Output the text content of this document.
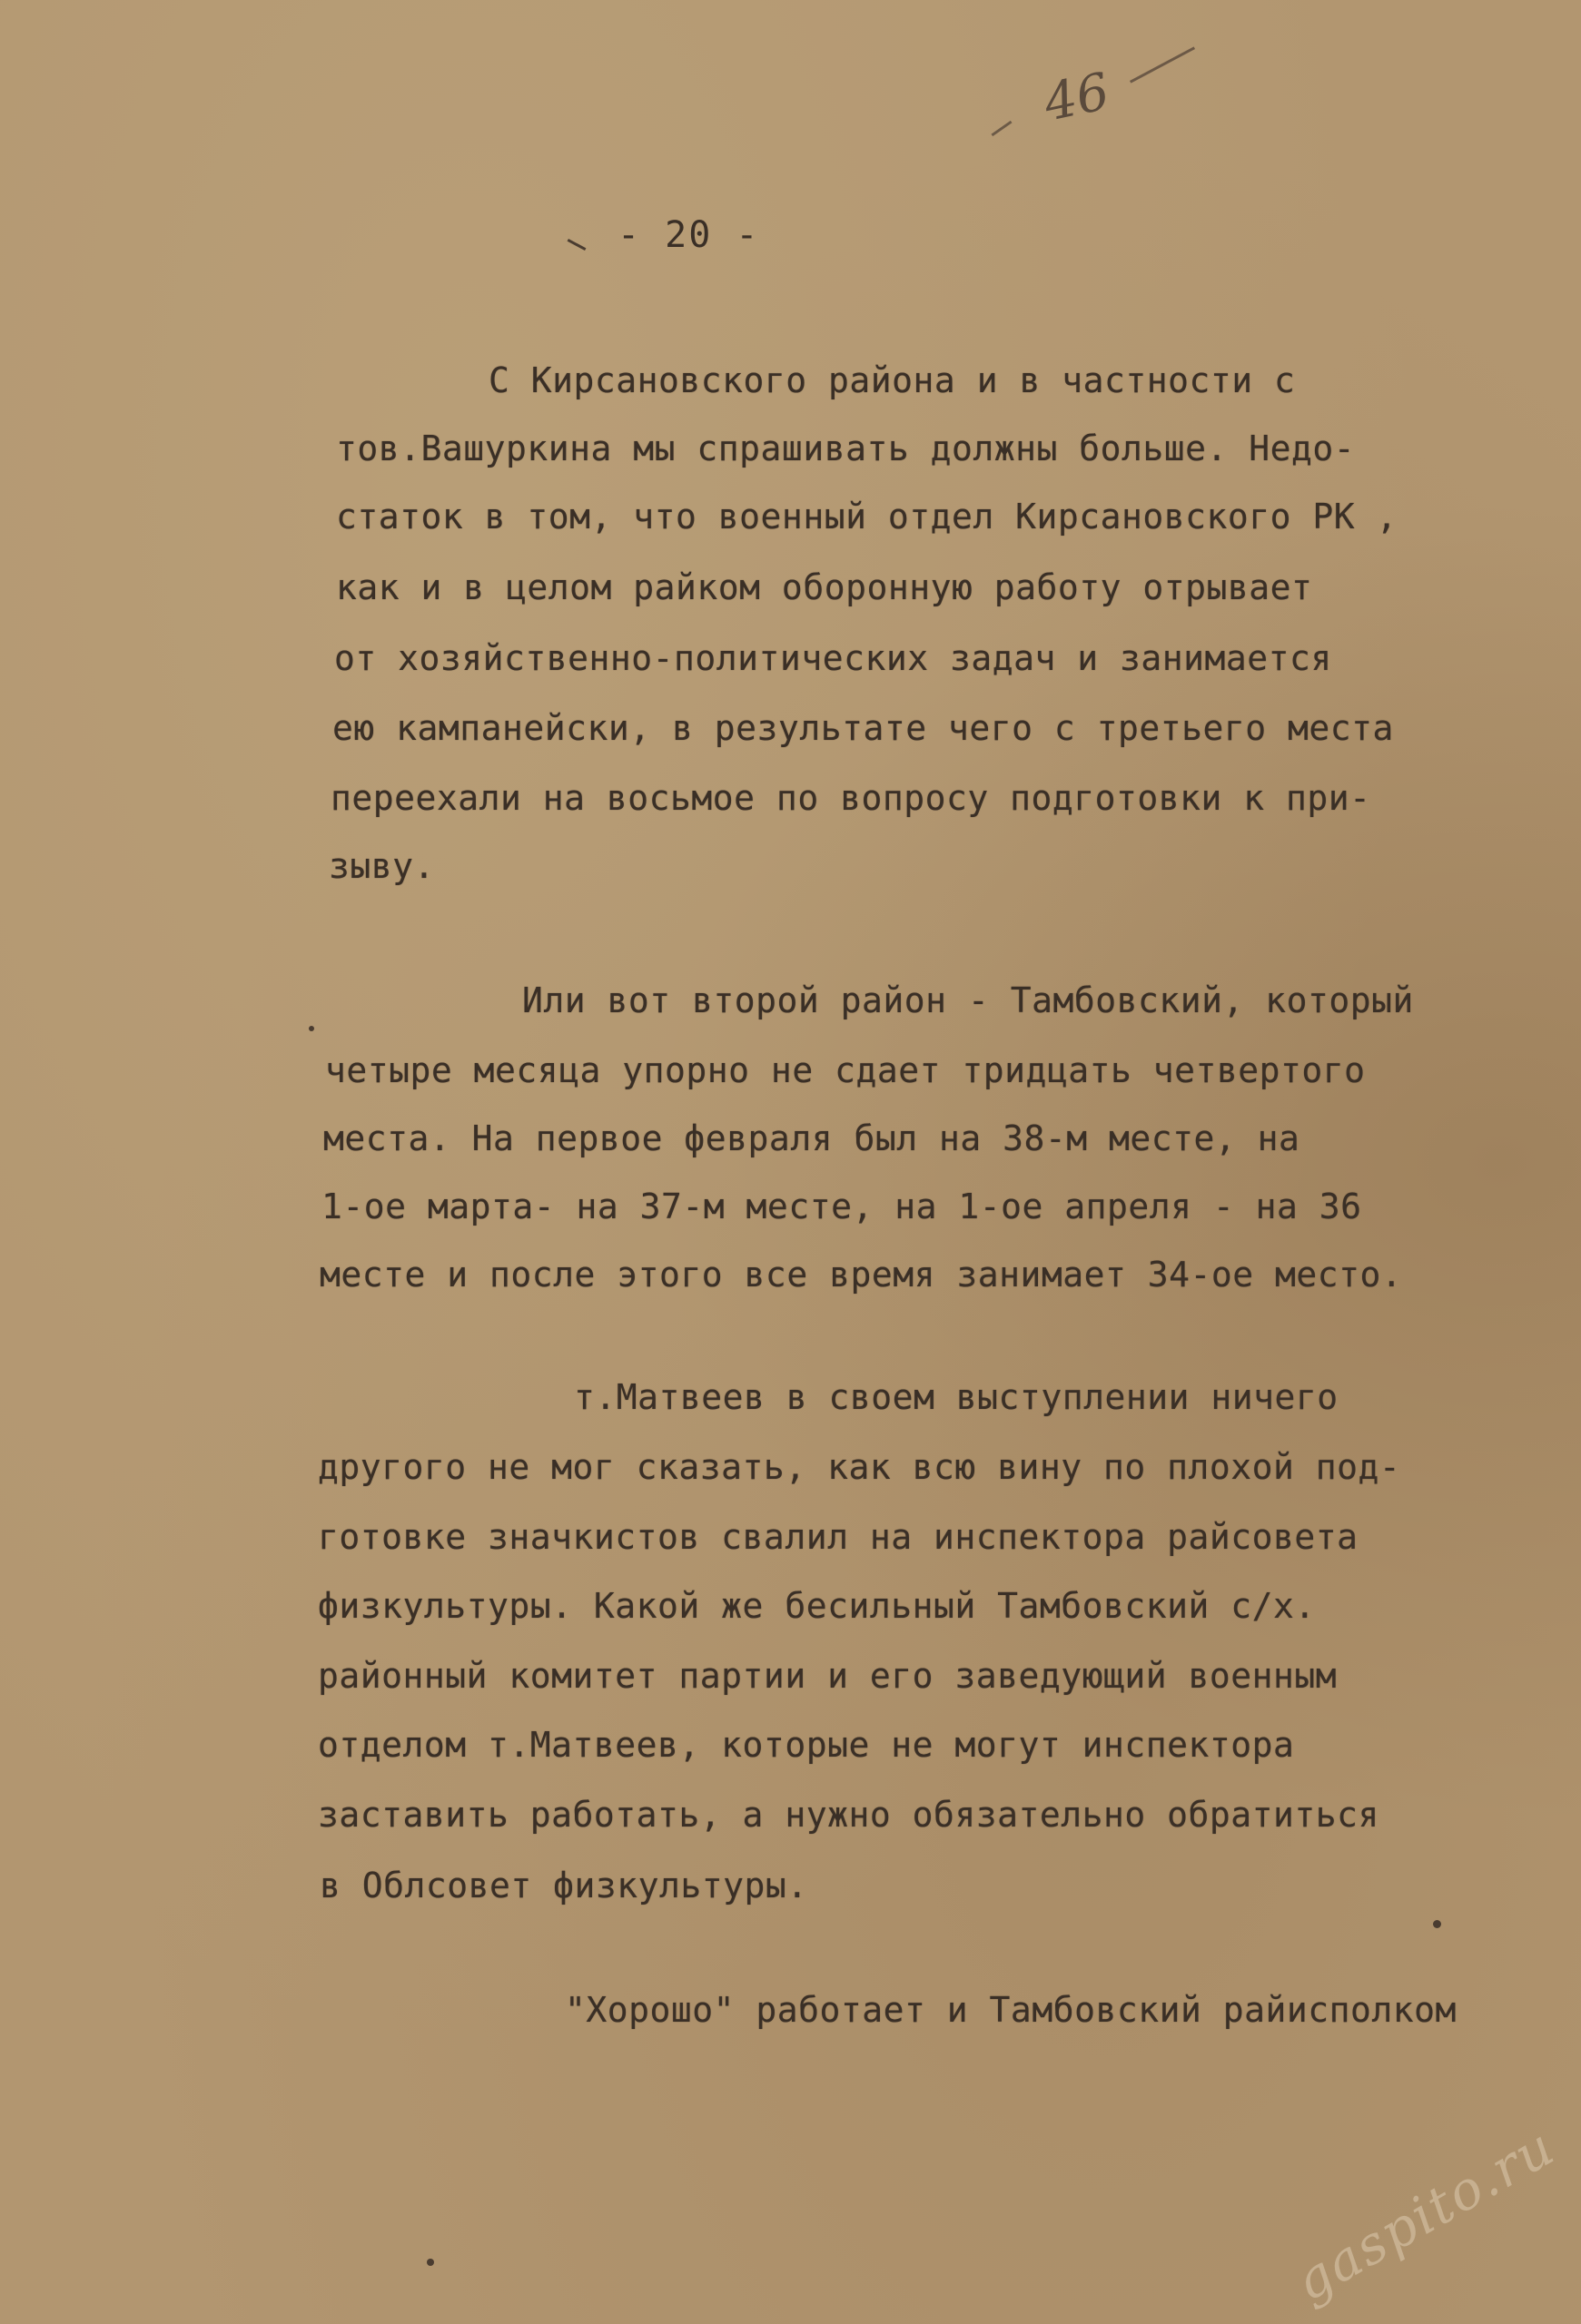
46
- 20 -
С Кирсановского района и в частности с
тов.Вашуркина мы спрашивать должны больше. Недо-
статок в том, что военный отдел Кирсановского РК ,
как и в целом райком оборонную работу отрывает
от хозяйственно-политических задач и занимается
ею кампанейски, в результате чего с третьего места
переехали на восьмое по вопросу подготовки к при-
зыву.
Или вот второй район - Тамбовский, который
четыре месяца упорно не сдает тридцать четвертого
места. На первое февраля был на 38-м месте, на
1-ое марта- на 37-м месте, на 1-ое апреля - на 36
месте и после этого все время занимает 34-ое место.
т.Матвеев в своем выступлении ничего
другого не мог сказать, как всю вину по плохой под-
готовке значкистов свалил на инспектора райсовета
физкультуры. Какой же бесильный Тамбовский с/х.
районный комитет партии и его заведующий военным
отделом т.Матвеев, которые не могут инспектора
заставить работать, а нужно обязательно обратиться
в Облсовет физкультуры.
"Хорошо" работает и Тамбовский райисполком
gaspito.ru
